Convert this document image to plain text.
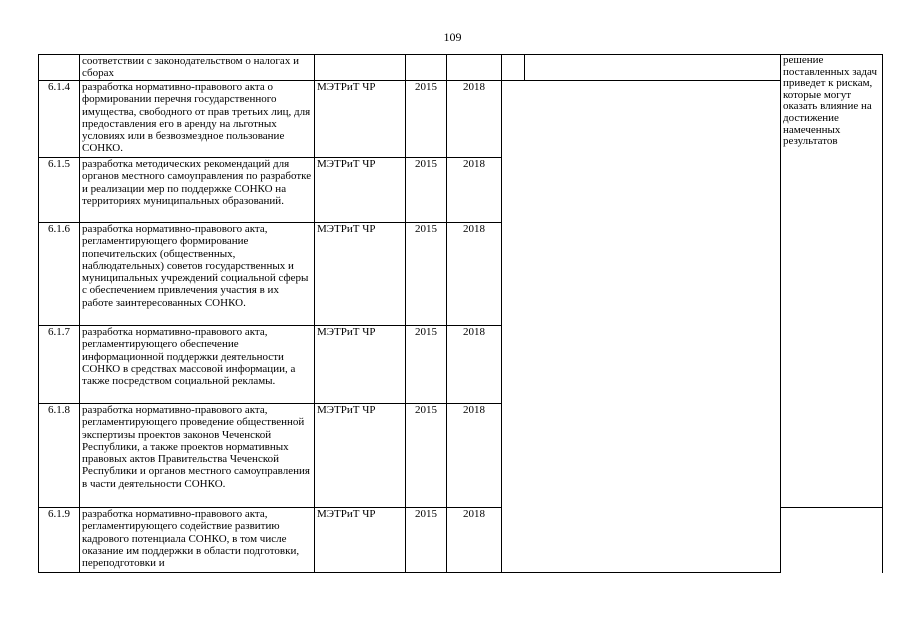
109
	соответствии с законодательством о налогах и сборах						решение поставленных задач приведет к рискам, которые могут оказать влияние на достижение намеченных результатов	
6.1.4	разработка нормативно-правового акта о формировании перечня государственного имущества, свободного от прав третьих лиц, для предоставления его в аренду на льготных условиях или в безвозмездное пользование СОНКО.	МЭТРиТ ЧР	2015	2018				
6.1.5	разработка методических рекомендаций для органов местного самоуправления по разработке и реализации мер по поддержке СОНКО на территориях муниципальных образований.	МЭТРиТ ЧР	2015	2018				
6.1.6	разработка нормативно-правового акта, регламентирующего формирование попечительских (общественных, наблюдательных) советов государственных и муниципальных учреждений социальной сферы с обеспечением привлечения участия в их работе заинтересованных СОНКО.	МЭТРиТ ЧР	2015	2018				
6.1.7	разработка нормативно-правового акта, регламентирующего обеспечение информационной поддержки деятельности СОНКО в средствах массовой информации, а также посредством социальной рекламы.	МЭТРиТ ЧР	2015	2018				
6.1.8	разработка нормативно-правового акта, регламентирующего проведение общественной экспертизы проектов законов Чеченской Республики, а также проектов нормативных правовых актов Правительства Чеченской Республики и органов местного самоуправления в части деятельности СОНКО.	МЭТРиТ ЧР	2015	2018				
6.1.9	разработка нормативно-правового акта, регламентирующего содействие развитию кадрового потенциала СОНКО, в том числе оказание им поддержки в области подготовки, переподготовки и	МЭТРиТ ЧР	2015	2018				
